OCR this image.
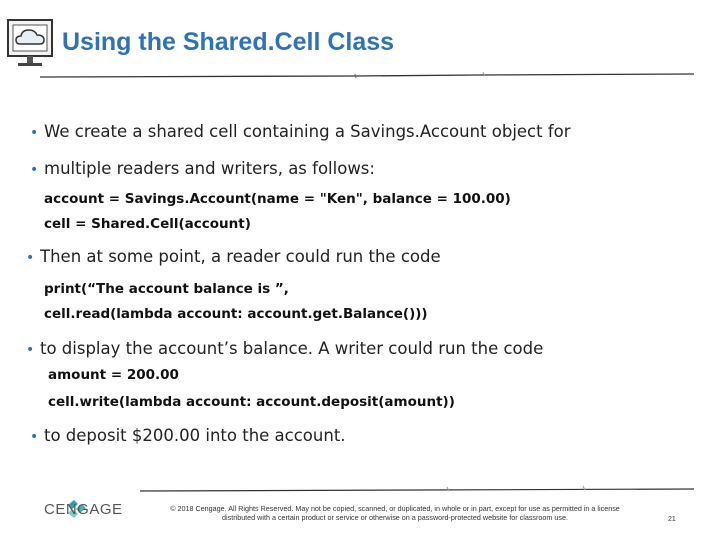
Using the Shared.Cell Class
• We create a shared cell containing a Savings.Account object for
• multiple readers and writers, as follows:
account = Savings.Account(name = "Ken", balance = 100.00)
cell = Shared.Cell(account)
• Then at some point, a reader could run the code
print(“The account balance is ”,
cell.read(lambda account: account.get.Balance()))
• to display the account’s balance. A writer could run the code
amount = 200.00
cell.write(lambda account: account.deposit(amount))
• to deposit $200.00 into the account.
CENGAGE	© 2018 Cengage. All Rights Reserved. May not be copied, scanned, or duplicated, in whole or in part, except for use as permitted in a license
distributed with a certain product or service or otherwise on a password-protected website for classroom use.	21
